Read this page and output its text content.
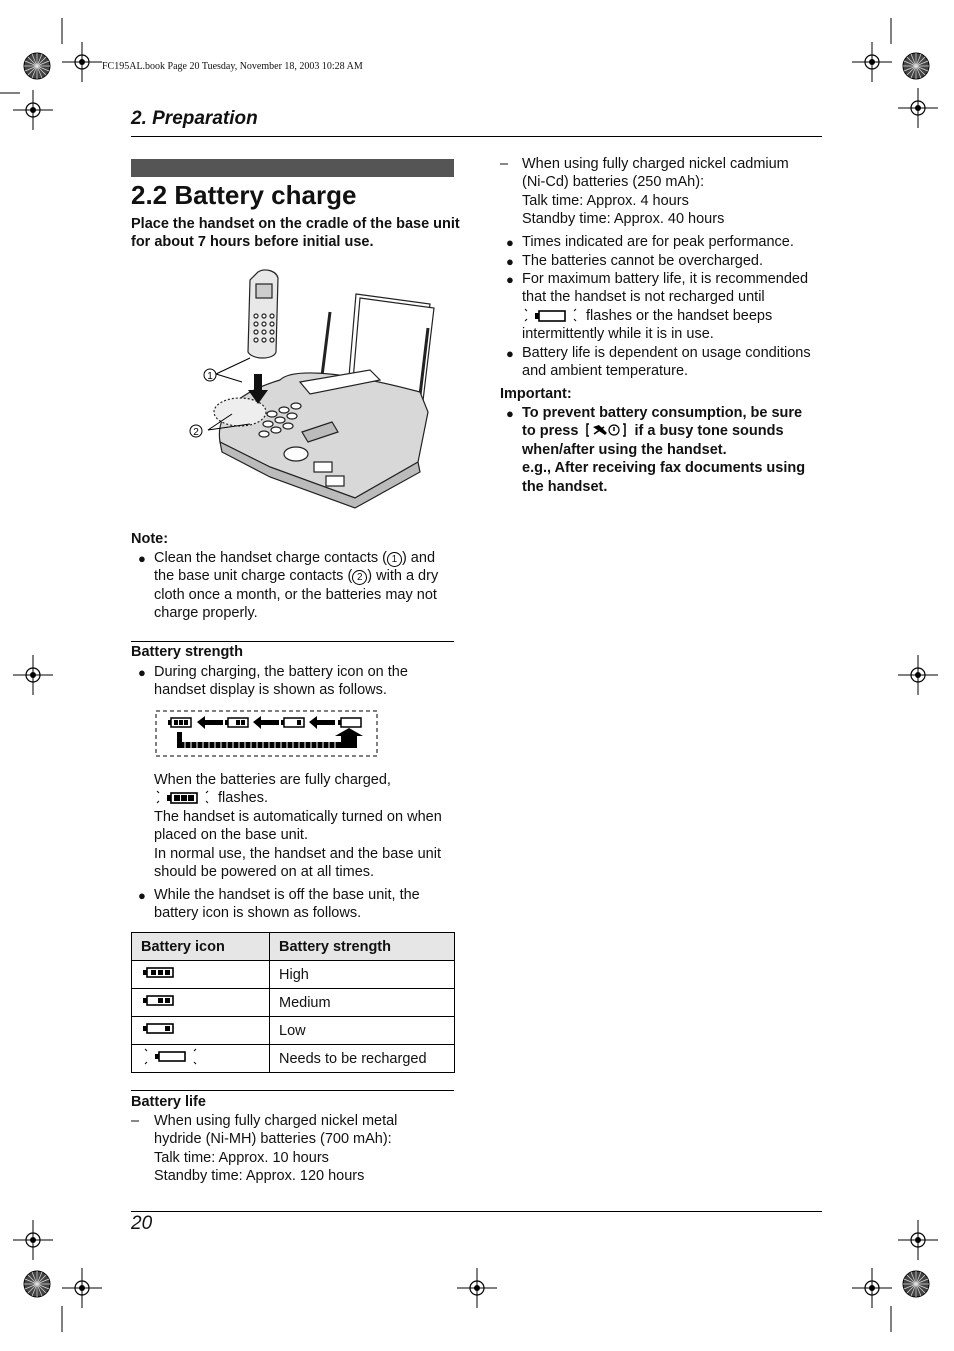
FC195AL.book Page 20 Tuesday, November 18, 2003 10:28 AM
2. Preparation
2.2 Battery charge
Place the handset on the cradle of the base unit for about 7 hours before initial use.
1
2
Note:
● Clean the handset charge contacts ( 1 ) and
the base unit charge contacts ( 2 ) with a dry
cloth once a month, or the batteries may not
charge properly.
Battery strength
● During charging, the battery icon on the
handset display is shown as follows.
When the batteries are fully charged,
flashes.
The handset is automatically turned on when
placed on the base unit.
In normal use, the handset and the base unit
should be powered on at all times.
● While the handset is off the base unit, the
battery icon is shown as follows.
Battery icon	Battery strength
	High
	Medium
	Low
	Needs to be recharged
Battery life
– When using fully charged nickel metal
hydride (Ni-MH) batteries (700 mAh):
Talk time: Approx. 10 hours
Standby time: Approx. 120 hours
– When using fully charged nickel cadmium
(Ni-Cd) batteries (250 mAh):
Talk time: Approx. 4 hours
Standby time: Approx. 40 hours
● Times indicated are for peak performance.
● The batteries cannot be overcharged.
● For maximum battery life, it is recommended
that the handset is not recharged until
flashes or the handset beeps
intermittently while it is in use.
● Battery life is dependent on usage conditions
and ambient temperature.
Important:
● To prevent battery consumption, be sure
to press	if a busy tone sounds
when/after using the handset.
e.g., After receiving fax documents using
the handset.
20
